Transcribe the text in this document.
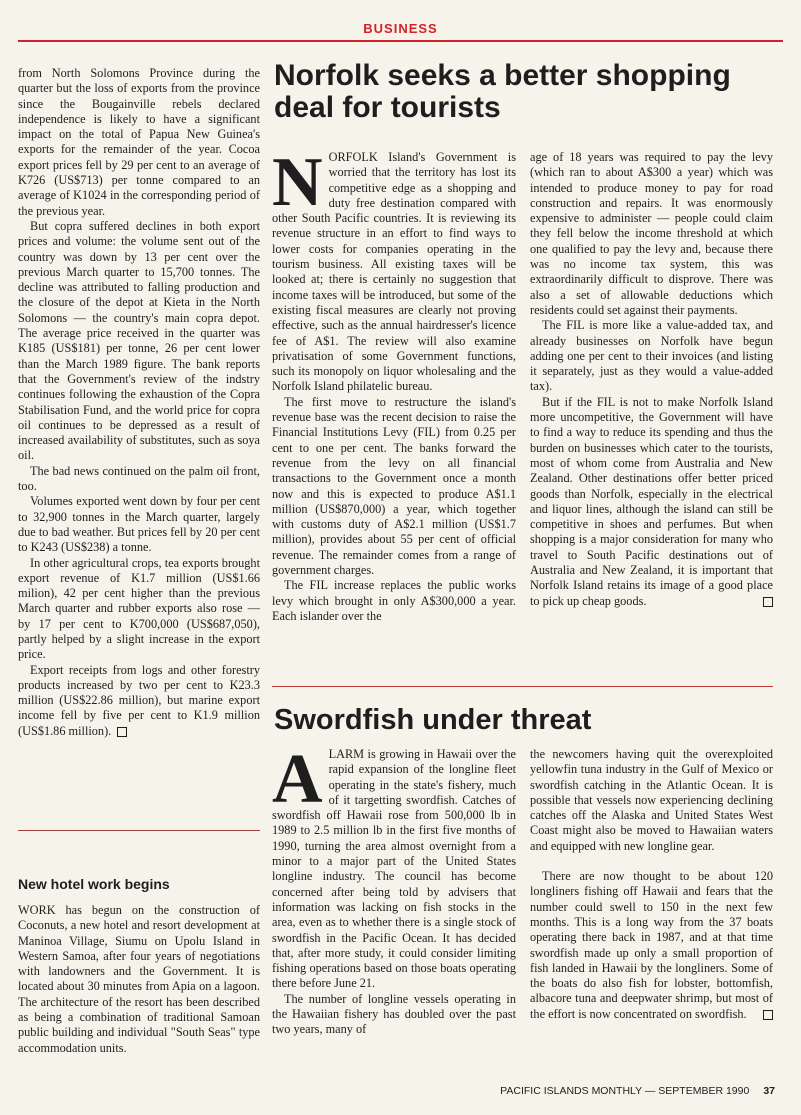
BUSINESS

from North Solomons Province during the quarter but the loss of exports from the province since the Bougainville rebels declared independence is likely to have a significant impact on the total of Papua New Guinea's exports for the remainder of the year. Cocoa export prices fell by 29 per cent to an average of K726 (US$713) per tonne compared to an average of K1024 in the corresponding period of the previous year.

But copra suffered declines in both export prices and volume: the volume sent out of the country was down by 13 per cent over the previous March quarter to 15,700 tonnes. The decline was attributed to falling production and the closure of the depot at Kieta in the North Solomons — the country's main copra depot. The average price received in the quarter was K185 (US$181) per tonne, 26 per cent lower than the March 1989 figure. The bank reports that the Government's review of the indstry continues following the exhaustion of the Copra Stabilisation Fund, and the world price for copra oil continues to be depressed as a result of increased availability of substitutes, such as soya oil.

The bad news continued on the palm oil front, too.

Volumes exported went down by four per cent to 32,900 tonnes in the March quarter, largely due to bad weather. But prices fell by 20 per cent to K243 (US$238) a tonne.

In other agricultural crops, tea exports brought export revenue of K1.7 million (US$1.66 milion), 42 per cent higher than the previous March quarter and rubber exports also rose — by 17 per cent to K700,000 (US$687,050), partly helped by a slight increase in the export price.

Export receipts from logs and other forestry products increased by two per cent to K23.3 million (US$22.86 million), but marine export income fell by five per cent to K1.9 million (US$1.86 million).

New hotel work begins

WORK has begun on the construction of Coconuts, a new hotel and resort development at Maninoa Village, Siumu on Upolu Island in Western Samoa, after four years of negotiations with landowners and the Government. It is located about 30 minutes from Apia on a lagoon. The architecture of the resort has been described as being a combination of traditional Samoan public building and individual "South Seas" type accommodation units.

Norfolk seeks a better shopping deal for tourists

NORFOLK Island's Government is worried that the territory has lost its competitive edge as a shopping and duty free destination compared with other South Pacific countries. It is reviewing its revenue structure in an effort to find ways to lower costs for companies operating in the tourism business. All existing taxes will be looked at; there is certainly no suggestion that income taxes will be introduced, but some of the existing fiscal measures are clearly not proving effective, such as the annual hairdresser's licence fee of A$1. The review will also examine privatisation of some Government functions, such its monopoly on liquor wholesaling and the Norfolk Island philatelic bureau.

The first move to restructure the island's revenue base was the recent decision to raise the Financial Institutions Levy (FIL) from 0.25 per cent to one per cent. The banks forward the revenue from the levy on all financial transactions to the Government once a month now and this is expected to produce A$1.1 million (US$870,000) a year, which together with customs duty of A$2.1 million (US$1.7 million), provides about 55 per cent of official revenue. The remainder comes from a range of government charges.

The FIL increase replaces the public works levy which brought in only A$300,000 a year. Each islander over the

age of 18 years was required to pay the levy (which ran to about A$300 a year) which was intended to produce money to pay for road construction and repairs. It was enormously expensive to administer — people could claim they fell below the income threshold at which one qualified to pay the levy and, because there was no income tax system, this was extraordinarily difficult to disprove. There was also a set of allowable deductions which residents could set against their payments.

The FIL is more like a value-added tax, and already businesses on Norfolk have begun adding one per cent to their invoices (and listing it separately, just as they would a value-added tax).

But if the FIL is not to make Norfolk Island more uncompetitive, the Government will have to find a way to reduce its spending and thus the burden on businesses which cater to the tourists, most of whom come from Australia and New Zealand. Other destinations offer better priced goods than Norfolk, especially in the electrical and liquor lines, although the island can still be competitive in shoes and perfumes. But when shopping is a major consideration for many who travel to South Pacific destinations out of Australia and New Zealand, it is important that Norfolk Island retains its image of a good place to pick up cheap goods.

Swordfish under threat

ALARM is growing in Hawaii over the rapid expansion of the longline fleet operating in the state's fishery, much of it targetting swordfish. Catches of swordfish off Hawaii rose from 500,000 lb in 1989 to 2.5 million lb in the first five months of 1990, turning the area almost overnight from a minor to a major part of the United States longline industry. The council has become concerned after being told by advisers that information was lacking on fish stocks in the area, even as to whether there is a single stock of swordfish in the Pacific Ocean. It has decided that, after more study, it could consider limiting fishing operations based on those boats operating there before June 21.

The number of longline vessels operating in the Hawaiian fishery has doubled over the past two years, many of

the newcomers having quit the overexploited yellowfin tuna industry in the Gulf of Mexico or swordfish catching in the Atlantic Ocean. It is possible that vessels now experiencing declining catches off the Alaska and United States West Coast might also be moved to Hawaiian waters and equipped with new longline gear.

There are now thought to be about 120 longliners fishing off Hawaii and fears that the number could swell to 150 in the next few months. This is a long way from the 37 boats operating there back in 1987, and at that time swordfish made up only a small proportion of fish landed in Hawaii by the longliners. Some of the boats do also fish for lobster, bottomfish, albacore tuna and deepwater shrimp, but most of the effort is now concentrated on swordfish.

PACIFIC ISLANDS MONTHLY — SEPTEMBER 1990 37
